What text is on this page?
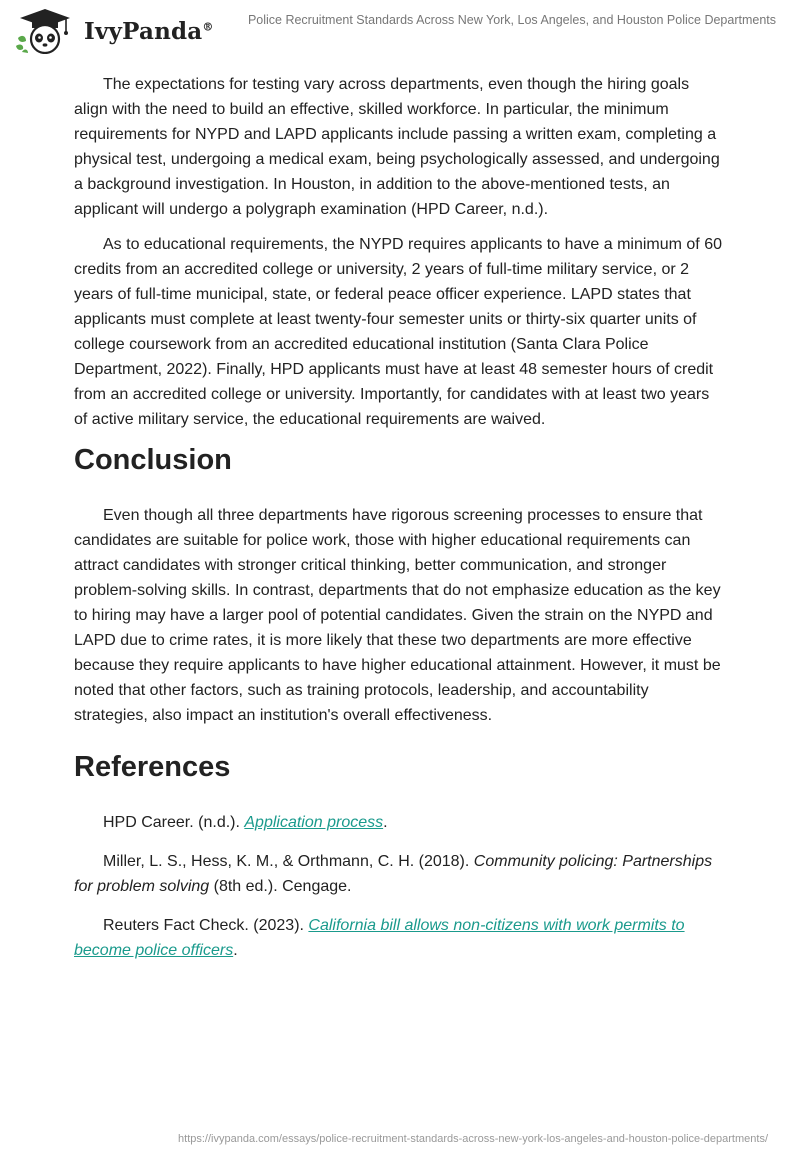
IvyPanda®	Police Recruitment Standards Across New York, Los Angeles, and Houston Police Departments

The expectations for testing vary across departments, even though the hiring goals align with the need to build an effective, skilled workforce. In particular, the minimum requirements for NYPD and LAPD applicants include passing a written exam, completing a physical test, undergoing a medical exam, being psychologically assessed, and undergoing a background investigation. In Houston, in addition to the above-mentioned tests, an applicant will undergo a polygraph examination (HPD Career, n.d.).

As to educational requirements, the NYPD requires applicants to have a minimum of 60 credits from an accredited college or university, 2 years of full-time military service, or 2 years of full-time municipal, state, or federal peace officer experience. LAPD states that applicants must complete at least twenty-four semester units or thirty-six quarter units of college coursework from an accredited educational institution (Santa Clara Police Department, 2022). Finally, HPD applicants must have at least 48 semester hours of credit from an accredited college or university. Importantly, for candidates with at least two years of active military service, the educational requirements are waived.

Conclusion

Even though all three departments have rigorous screening processes to ensure that candidates are suitable for police work, those with higher educational requirements can attract candidates with stronger critical thinking, better communication, and stronger problem-solving skills. In contrast, departments that do not emphasize education as the key to hiring may have a larger pool of potential candidates. Given the strain on the NYPD and LAPD due to crime rates, it is more likely that these two departments are more effective because they require applicants to have higher educational attainment. However, it must be noted that other factors, such as training protocols, leadership, and accountability strategies, also impact an institution's overall effectiveness.

References

HPD Career. (n.d.). Application process.

Miller, L. S., Hess, K. M., & Orthmann, C. H. (2018). Community policing: Partnerships for problem solving (8th ed.). Cengage.

Reuters Fact Check. (2023). California bill allows non-citizens with work permits to become police officers.

https://ivypanda.com/essays/police-recruitment-standards-across-new-york-los-angeles-and-houston-police-departments/
